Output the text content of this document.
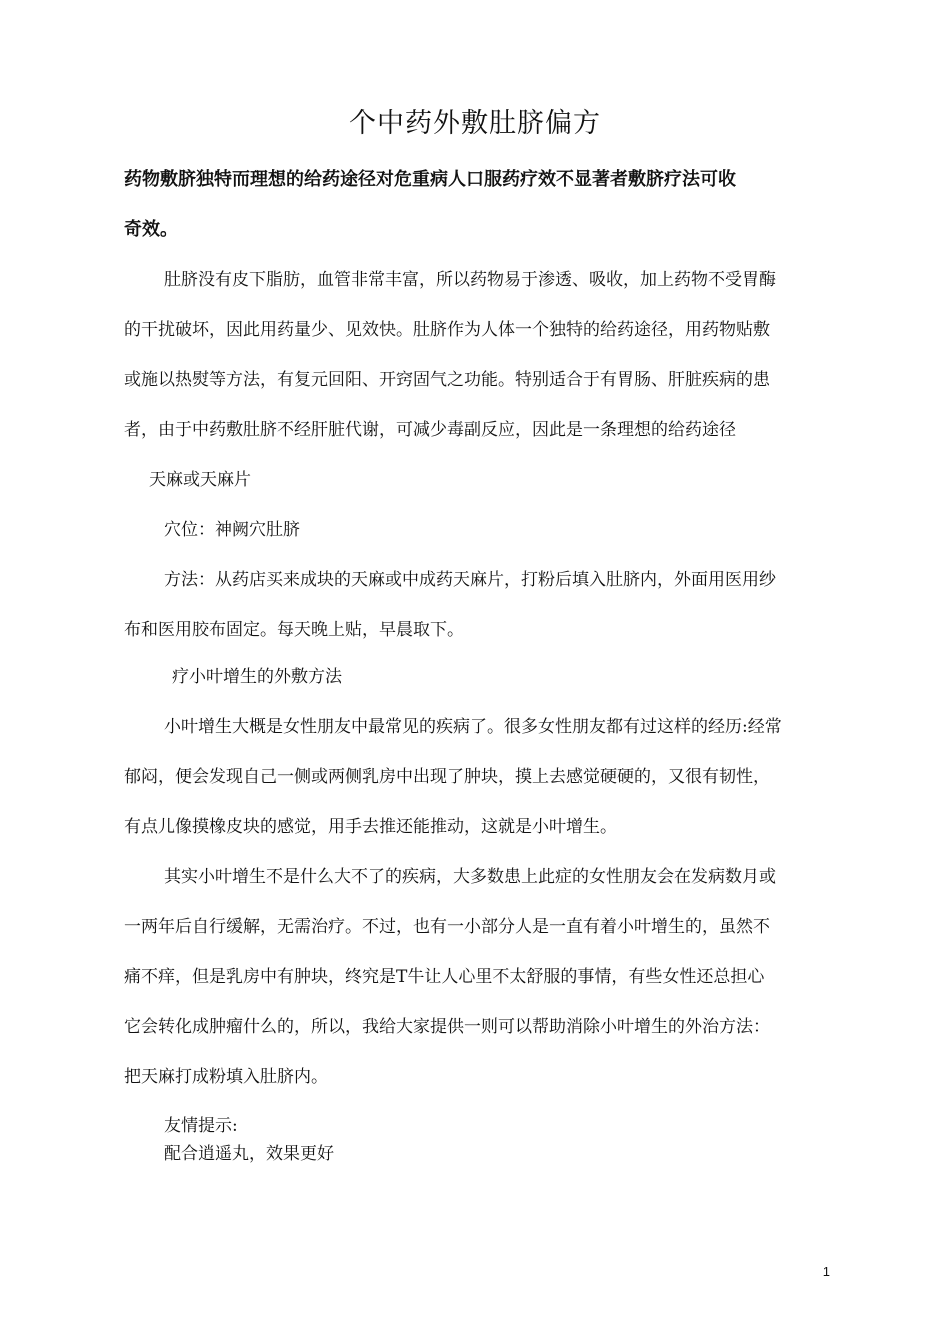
个中药外敷肚脐偏方
药物敷脐独特而理想的给药途径对危重病人口服药疗效不显著者敷脐疗法可收
奇效。
肚脐没有皮下脂肪，血管非常丰富，所以药物易于渗透、吸收，加上药物不受胃酶
的干扰破坏，因此用药量少、见效快。肚脐作为人体一个独特的给药途径，用药物贴敷
或施以热熨等方法，有复元回阳、开窍固气之功能。特别适合于有胃肠、肝脏疾病的患
者，由于中药敷肚脐不经肝脏代谢，可减少毒副反应，因此是一条理想的给药途径
天麻或天麻片
穴位：神阙穴肚脐
方法：从药店买来成块的天麻或中成药天麻片，打粉后填入肚脐内，外面用医用纱
布和医用胶布固定。每天晚上贴，早晨取下。
疗小叶增生的外敷方法
小叶增生大概是女性朋友中最常见的疾病了。很多女性朋友都有过这样的经历:经常
郁闷，便会发现自己一侧或两侧乳房中出现了肿块，摸上去感觉硬硬的，又很有韧性，
有点儿像摸橡皮块的感觉，用手去推还能推动，这就是小叶增生。
其实小叶增生不是什么大不了的疾病，大多数患上此症的女性朋友会在发病数月或
一两年后自行缓解，无需治疗。不过，也有一小部分人是一直有着小叶增生的，虽然不
痛不痒，但是乳房中有肿块，终究是T牛让人心里不太舒服的事情，有些女性还总担心
它会转化成肿瘤什么的，所以，我给大家提供一则可以帮助消除小叶增生的外治方法：
把天麻打成粉填入肚脐内。
友情提示:
配合逍遥丸，效果更好
1
